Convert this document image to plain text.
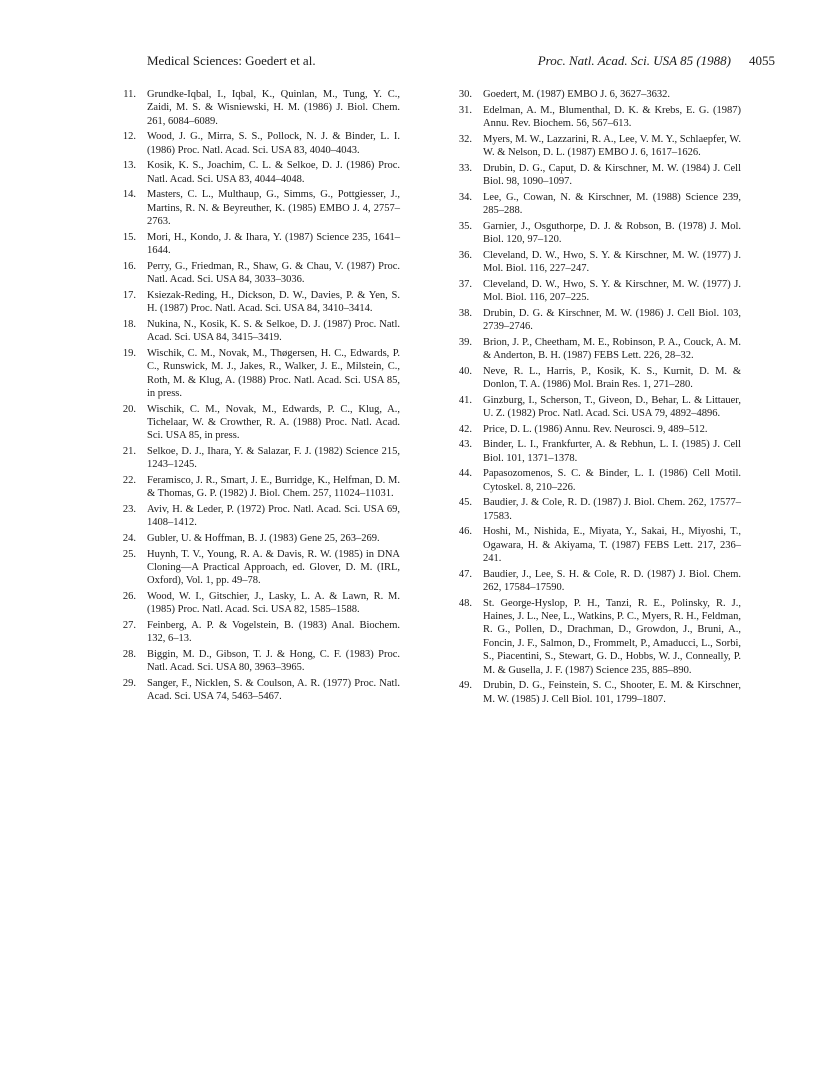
Medical Sciences: Goedert et al.	Proc. Natl. Acad. Sci. USA 85 (1988) 4055
11. Grundke-Iqbal, I., Iqbal, K., Quinlan, M., Tung, Y. C., Zaidi, M. S. & Wisniewski, H. M. (1986) J. Biol. Chem. 261, 6084–6089.
12. Wood, J. G., Mirra, S. S., Pollock, N. J. & Binder, L. I. (1986) Proc. Natl. Acad. Sci. USA 83, 4040–4043.
13. Kosik, K. S., Joachim, C. L. & Selkoe, D. J. (1986) Proc. Natl. Acad. Sci. USA 83, 4044–4048.
14. Masters, C. L., Multhaup, G., Simms, G., Pottgiesser, J., Martins, R. N. & Beyreuther, K. (1985) EMBO J. 4, 2757–2763.
15. Mori, H., Kondo, J. & Ihara, Y. (1987) Science 235, 1641–1644.
16. Perry, G., Friedman, R., Shaw, G. & Chau, V. (1987) Proc. Natl. Acad. Sci. USA 84, 3033–3036.
17. Ksiezak-Reding, H., Dickson, D. W., Davies, P. & Yen, S. H. (1987) Proc. Natl. Acad. Sci. USA 84, 3410–3414.
18. Nukina, N., Kosik, K. S. & Selkoe, D. J. (1987) Proc. Natl. Acad. Sci. USA 84, 3415–3419.
19. Wischik, C. M., Novak, M., Thøgersen, H. C., Edwards, P. C., Runswick, M. J., Jakes, R., Walker, J. E., Milstein, C., Roth, M. & Klug, A. (1988) Proc. Natl. Acad. Sci. USA 85, in press.
20. Wischik, C. M., Novak, M., Edwards, P. C., Klug, A., Tichelaar, W. & Crowther, R. A. (1988) Proc. Natl. Acad. Sci. USA 85, in press.
21. Selkoe, D. J., Ihara, Y. & Salazar, F. J. (1982) Science 215, 1243–1245.
22. Feramisco, J. R., Smart, J. E., Burridge, K., Helfman, D. M. & Thomas, G. P. (1982) J. Biol. Chem. 257, 11024–11031.
23. Aviv, H. & Leder, P. (1972) Proc. Natl. Acad. Sci. USA 69, 1408–1412.
24. Gubler, U. & Hoffman, B. J. (1983) Gene 25, 263–269.
25. Huynh, T. V., Young, R. A. & Davis, R. W. (1985) in DNA Cloning—A Practical Approach, ed. Glover, D. M. (IRL, Oxford), Vol. 1, pp. 49–78.
26. Wood, W. I., Gitschier, J., Lasky, L. A. & Lawn, R. M. (1985) Proc. Natl. Acad. Sci. USA 82, 1585–1588.
27. Feinberg, A. P. & Vogelstein, B. (1983) Anal. Biochem. 132, 6–13.
28. Biggin, M. D., Gibson, T. J. & Hong, C. F. (1983) Proc. Natl. Acad. Sci. USA 80, 3963–3965.
29. Sanger, F., Nicklen, S. & Coulson, A. R. (1977) Proc. Natl. Acad. Sci. USA 74, 5463–5467.
30. Goedert, M. (1987) EMBO J. 6, 3627–3632.
31. Edelman, A. M., Blumenthal, D. K. & Krebs, E. G. (1987) Annu. Rev. Biochem. 56, 567–613.
32. Myers, M. W., Lazzarini, R. A., Lee, V. M. Y., Schlaepfer, W. W. & Nelson, D. L. (1987) EMBO J. 6, 1617–1626.
33. Drubin, D. G., Caput, D. & Kirschner, M. W. (1984) J. Cell Biol. 98, 1090–1097.
34. Lee, G., Cowan, N. & Kirschner, M. (1988) Science 239, 285–288.
35. Garnier, J., Osguthorpe, D. J. & Robson, B. (1978) J. Mol. Biol. 120, 97–120.
36. Cleveland, D. W., Hwo, S. Y. & Kirschner, M. W. (1977) J. Mol. Biol. 116, 227–247.
37. Cleveland, D. W., Hwo, S. Y. & Kirschner, M. W. (1977) J. Mol. Biol. 116, 207–225.
38. Drubin, D. G. & Kirschner, M. W. (1986) J. Cell Biol. 103, 2739–2746.
39. Brion, J. P., Cheetham, M. E., Robinson, P. A., Couck, A. M. & Anderton, B. H. (1987) FEBS Lett. 226, 28–32.
40. Neve, R. L., Harris, P., Kosik, K. S., Kurnit, D. M. & Donlon, T. A. (1986) Mol. Brain Res. 1, 271–280.
41. Ginzburg, I., Scherson, T., Giveon, D., Behar, L. & Littauer, U. Z. (1982) Proc. Natl. Acad. Sci. USA 79, 4892–4896.
42. Price, D. L. (1986) Annu. Rev. Neurosci. 9, 489–512.
43. Binder, L. I., Frankfurter, A. & Rebhun, L. I. (1985) J. Cell Biol. 101, 1371–1378.
44. Papasozomenos, S. C. & Binder, L. I. (1986) Cell Motil. Cytoskel. 8, 210–226.
45. Baudier, J. & Cole, R. D. (1987) J. Biol. Chem. 262, 17577–17583.
46. Hoshi, M., Nishida, E., Miyata, Y., Sakai, H., Miyoshi, T., Ogawara, H. & Akiyama, T. (1987) FEBS Lett. 217, 236–241.
47. Baudier, J., Lee, S. H. & Cole, R. D. (1987) J. Biol. Chem. 262, 17584–17590.
48. St. George-Hyslop, P. H., Tanzi, R. E., Polinsky, R. J., Haines, J. L., Nee, L., Watkins, P. C., Myers, R. H., Feldman, R. G., Pollen, D., Drachman, D., Growdon, J., Bruni, A., Foncin, J. F., Salmon, D., Frommelt, P., Amaducci, L., Sorbi, S., Piacentini, S., Stewart, G. D., Hobbs, W. J., Conneally, P. M. & Gusella, J. F. (1987) Science 235, 885–890.
49. Drubin, D. G., Feinstein, S. C., Shooter, E. M. & Kirschner, M. W. (1985) J. Cell Biol. 101, 1799–1807.
